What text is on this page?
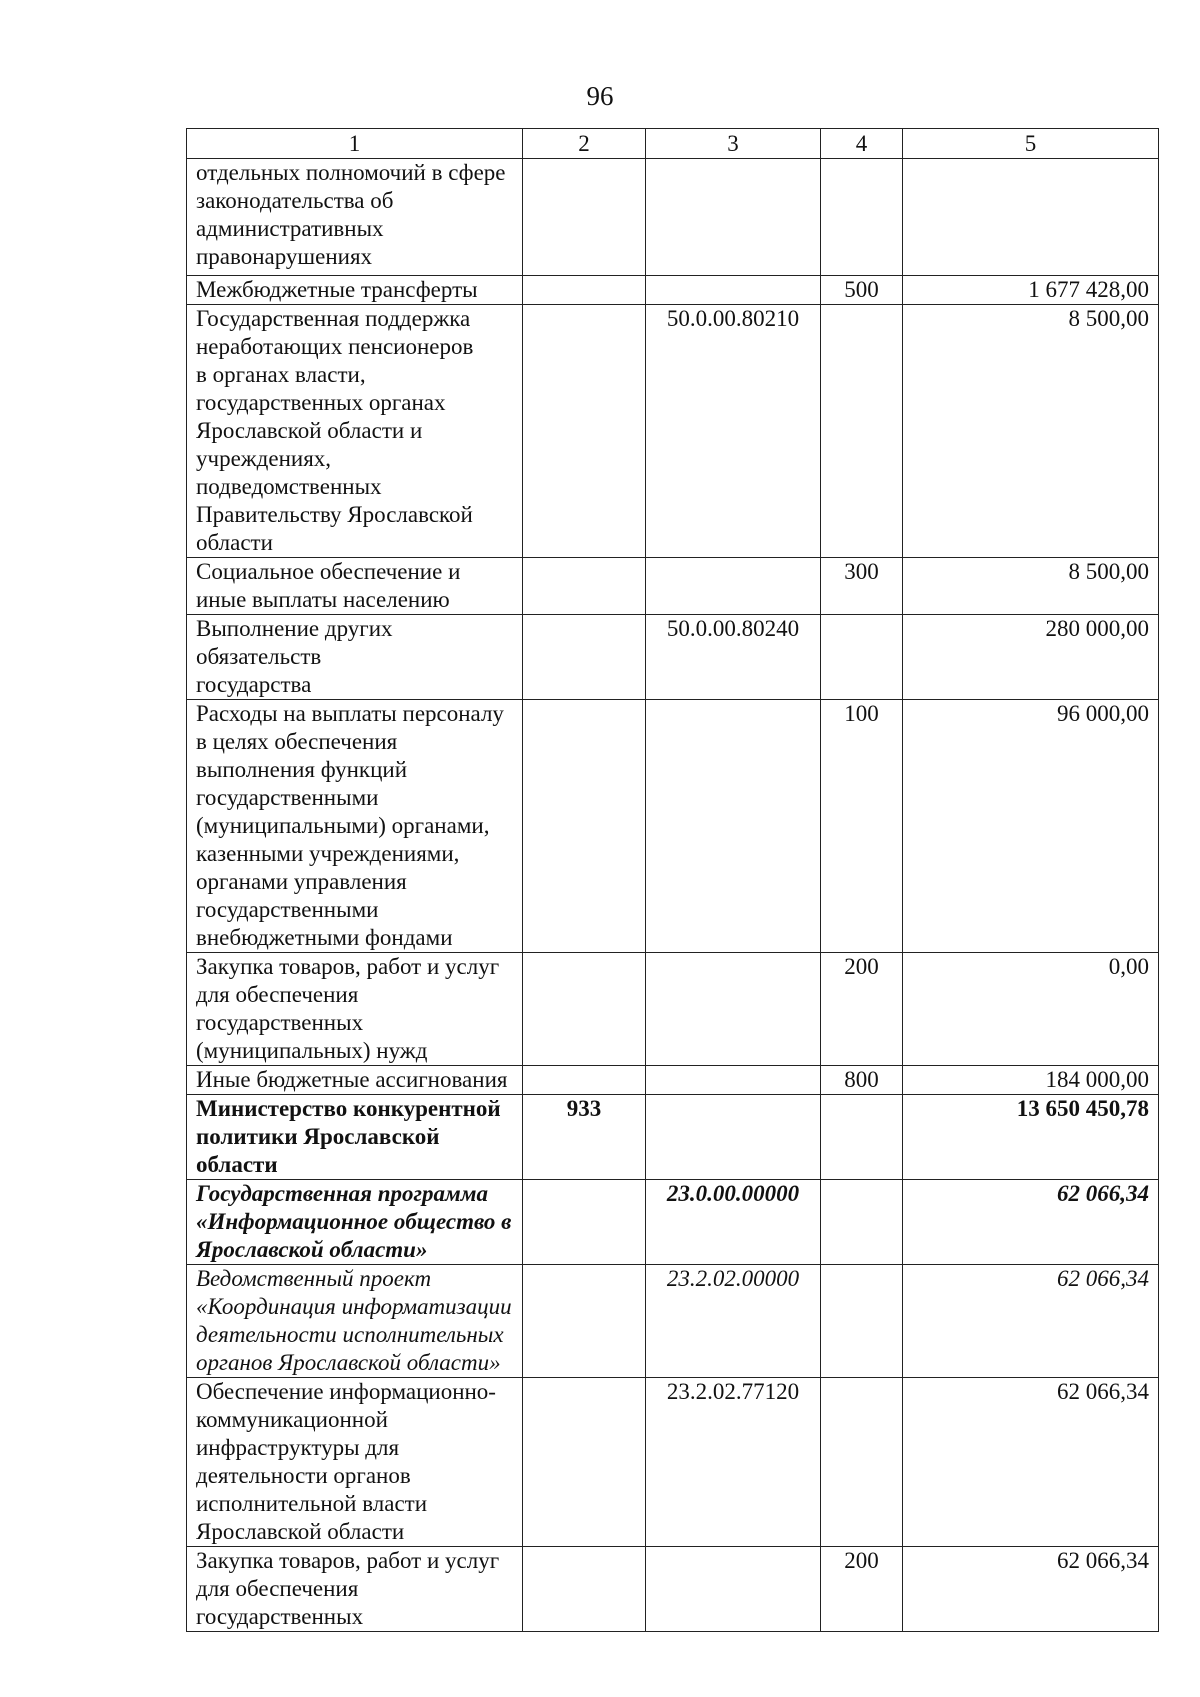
96
1	2	3	4	5
отдельных полномочий в сфере законодательства об административных правонарушениях				
Межбюджетные трансферты			500	1 677 428,00
Государственная поддержка неработающих пенсионеров в органах власти, государственных органах Ярославской области и учреждениях, подведомственных Правительству Ярославской области		50.0.00.80210		8 500,00
Социальное обеспечение и иные выплаты населению			300	8 500,00
Выполнение других обязательств государства		50.0.00.80240		280 000,00
Расходы на выплаты персоналу в целях обеспечения выполнения функций государственными (муниципальными) органами, казенными учреждениями, органами управления государственными внебюджетными фондами			100	96 000,00
Закупка товаров, работ и услуг для обеспечения государственных (муниципальных) нужд			200	0,00
Иные бюджетные ассигнования			800	184 000,00
Министерство конкурентной политики Ярославской области	933			13 650 450,78
Государственная программа «Информационное общество в Ярославской области»		23.0.00.00000		62 066,34
Ведомственный проект «Координация информатизации деятельности исполнительных органов Ярославской области»		23.2.02.00000		62 066,34
Обеспечение информационно-коммуникационной инфраструктуры для деятельности органов исполнительной власти Ярославской области		23.2.02.77120		62 066,34
Закупка товаров, работ и услуг для обеспечения государственных			200	62 066,34
